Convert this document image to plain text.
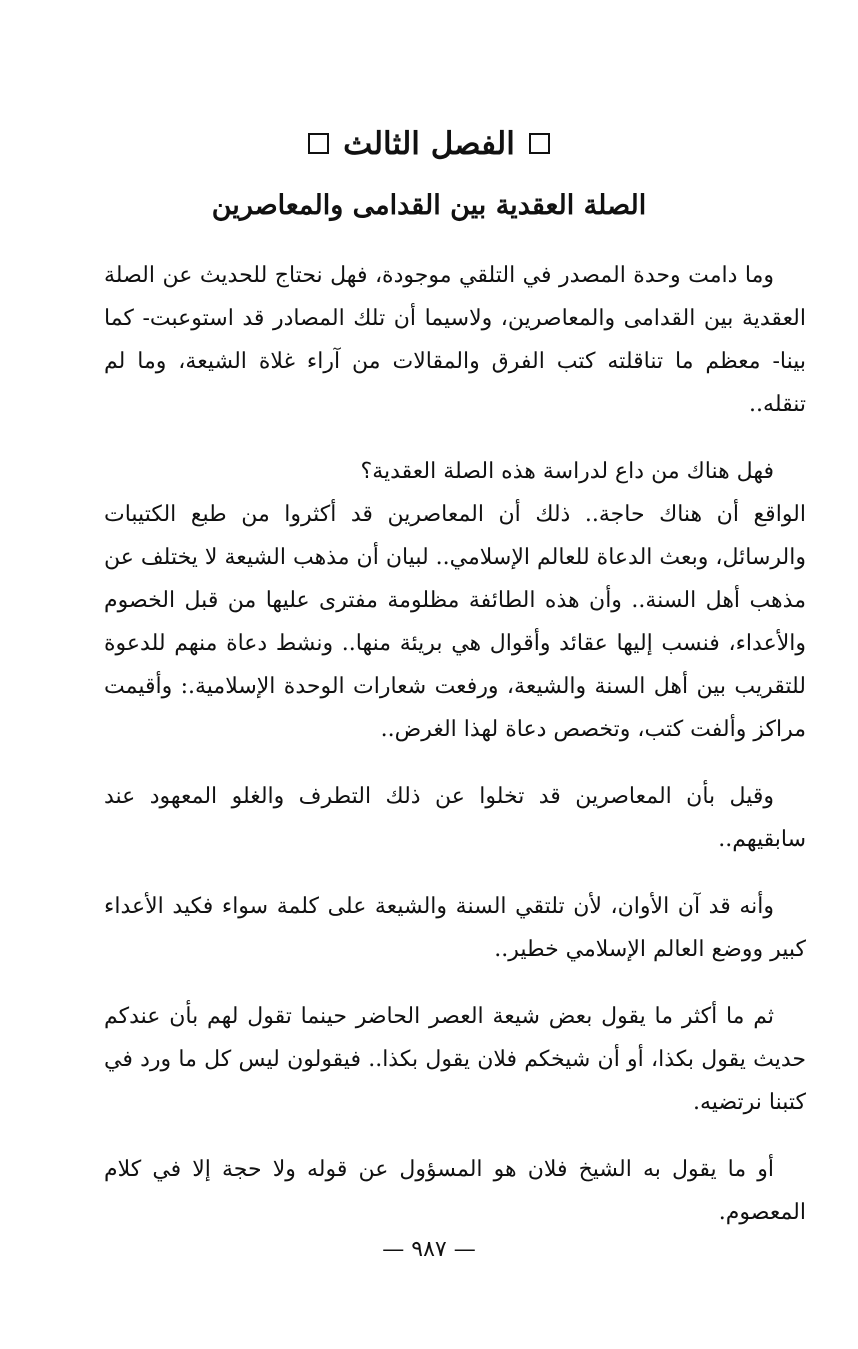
الفصل الثالث
الصلة العقدية بين القدامى والمعاصرين

وما دامت وحدة المصدر في التلقي موجودة، فهل نحتاج للحديث عن الصلة العقدية بين القدامى والمعاصرين، ولاسيما أن تلك المصادر قد استوعبت- كما بينا- معظم ما تناقلته كتب الفرق والمقالات من آراء غلاة الشيعة، وما لم تنقله..

فهل هناك من داع لدراسة هذه الصلة العقدية؟

الواقع أن هناك حاجة.. ذلك أن المعاصرين قد أكثروا من طبع الكتيبات والرسائل، وبعث الدعاة للعالم الإسلامي.. لبيان أن مذهب الشيعة لا يختلف عن مذهب أهل السنة.. وأن هذه الطائفة مظلومة مفترى عليها من قبل الخصوم والأعداء، فنسب إليها عقائد وأقوال هي بريئة منها.. ونشط دعاة منهم للدعوة للتقريب بين أهل السنة والشيعة، ورفعت شعارات الوحدة الإسلامية.: وأقيمت مراكز وألفت كتب، وتخصص دعاة لهذا الغرض..

وقيل بأن المعاصرين قد تخلوا عن ذلك التطرف والغلو المعهود عند سابقيهم..

وأنه قد آن الأوان، لأن تلتقي السنة والشيعة على كلمة سواء فكيد الأعداء كبير ووضع العالم الإسلامي خطير..

ثم ما أكثر ما يقول بعض شيعة العصر الحاضر حينما تقول لهم بأن عندكم حديث يقول بكذا، أو أن شيخكم فلان يقول بكذا.. فيقولون ليس كل ما ورد في كتبنا نرتضيه.

أو ما يقول به الشيخ فلان هو المسؤول عن قوله ولا حجة إلا في كلام المعصوم.

— ٩٨٧ —
